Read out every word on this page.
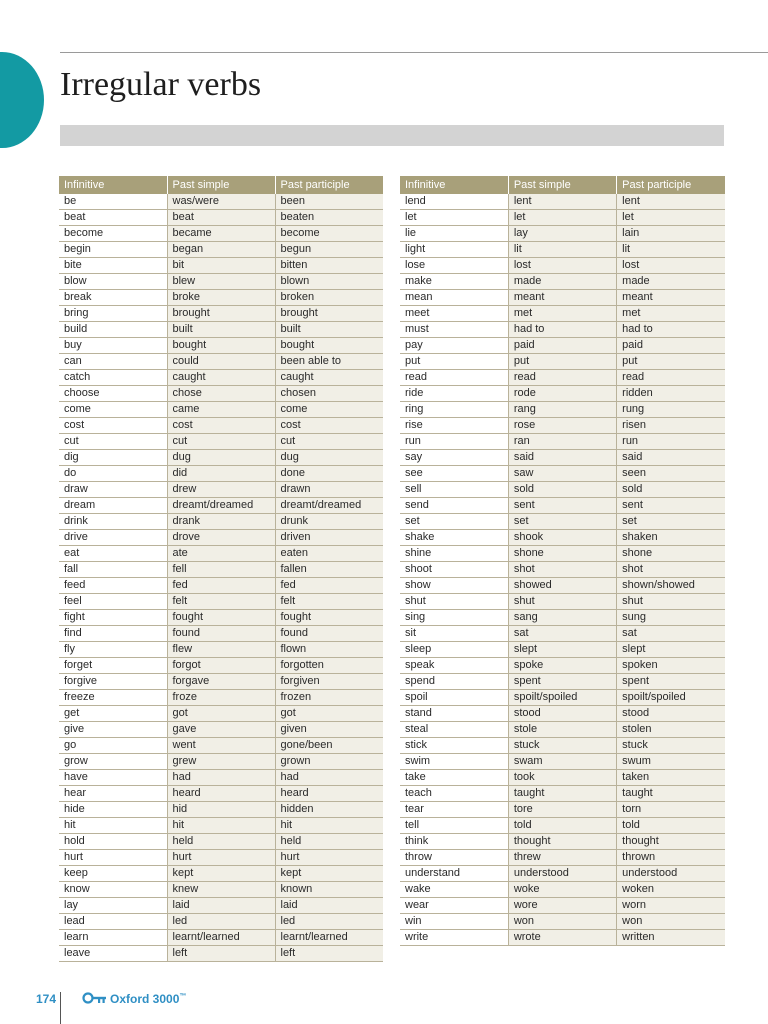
Irregular verbs
Infinitive	Past simple	Past participle
be	was/were	been
beat	beat	beaten
become	became	become
begin	began	begun
bite	bit	bitten
blow	blew	blown
break	broke	broken
bring	brought	brought
build	built	built
buy	bought	bought
can	could	been able to
catch	caught	caught
choose	chose	chosen
come	came	come
cost	cost	cost
cut	cut	cut
dig	dug	dug
do	did	done
draw	drew	drawn
dream	dreamt/dreamed	dreamt/dreamed
drink	drank	drunk
drive	drove	driven
eat	ate	eaten
fall	fell	fallen
feed	fed	fed
feel	felt	felt
fight	fought	fought
find	found	found
fly	flew	flown
forget	forgot	forgotten
forgive	forgave	forgiven
freeze	froze	frozen
get	got	got
give	gave	given
go	went	gone/been
grow	grew	grown
have	had	had
hear	heard	heard
hide	hid	hidden
hit	hit	hit
hold	held	held
hurt	hurt	hurt
keep	kept	kept
know	knew	known
lay	laid	laid
lead	led	led
learn	learnt/learned	learnt/learned
leave	left	left
Infinitive	Past simple	Past participle
lend	lent	lent
let	let	let
lie	lay	lain
light	lit	lit
lose	lost	lost
make	made	made
mean	meant	meant
meet	met	met
must	had to	had to
pay	paid	paid
put	put	put
read	read	read
ride	rode	ridden
ring	rang	rung
rise	rose	risen
run	ran	run
say	said	said
see	saw	seen
sell	sold	sold
send	sent	sent
set	set	set
shake	shook	shaken
shine	shone	shone
shoot	shot	shot
show	showed	shown/showed
shut	shut	shut
sing	sang	sung
sit	sat	sat
sleep	slept	slept
speak	spoke	spoken
spend	spent	spent
spoil	spoilt/spoiled	spoilt/spoiled
stand	stood	stood
steal	stole	stolen
stick	stuck	stuck
swim	swam	swum
take	took	taken
teach	taught	taught
tear	tore	torn
tell	told	told
think	thought	thought
throw	threw	thrown
understand	understood	understood
wake	woke	woken
wear	wore	worn
win	won	won
write	wrote	written
174	Oxford 3000™
